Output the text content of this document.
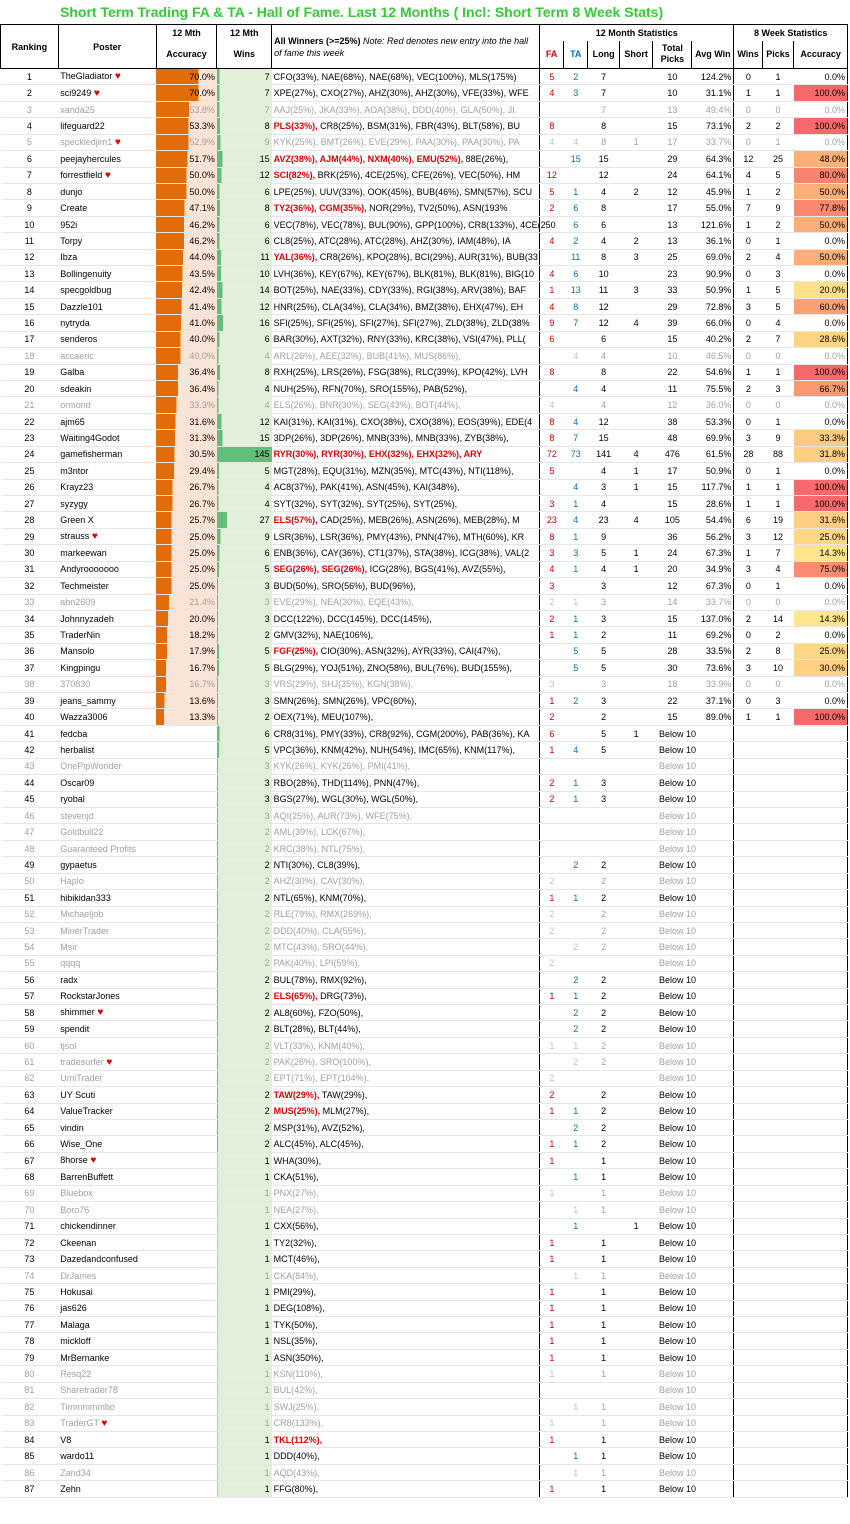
Short Term Trading FA & TA - Hall of Fame. Last 12 Months ( Incl: Short Term 8 Week Stats)
Ranking	Poster	12 Mth	12 Mth	All Winners (>=25%) Note: Red denotes new entry into the hall of fame this week	12 Month Statistics						8 Week Statistics		
		Accuracy	Wins		FA	TA	Long	Short	Total Picks	Avg Win	Wins	Picks	Accuracy
1	TheGladiator ♥	70.0%	7	CFO(33%), NAE(68%), NAE(68%), VEC(100%), MLS(175%)	5	2	7		10	124.2%	0	1	0.0%
2	sci9249 ♥	70.0%	7	XPE(27%), CXO(27%), AHZ(30%), AHZ(30%), VFE(33%), WFE	4	3	7		10	31.1%	1	1	100.0%
3	xanda25	53.8%	7	AAJ(25%), JKA(33%), AOA(38%), DDD(40%), GLA(50%), JI			7		13	49.4%	0	0	0.0%
4	lifeguard22	53.3%	8	PLS(33%), CR8(25%), BSM(31%), FBR(43%), BLT(58%), BU	8		8		15	73.1%	2	2	100.0%
5	speckledjim1 ♥	52.9%	9	KYK(25%), BMT(26%), EVE(29%), PAA(30%), PAA(30%), PA	4	4	8	1	17	33.7%	0	1	0.0%
6	peejayhercules	51.7%	15	AVZ(38%), AJM(44%), NXM(40%), EMU(52%), 88E(26%),		15	15		29	64.3%	12	25	48.0%
7	forrestfield ♥	50.0%	12	SCI(82%), BRK(25%), 4CE(25%), CFE(26%), VEC(50%), HM	12		12		24	64.1%	4	5	80.0%
8	dunjo	50.0%	6	LPE(25%), UUV(33%), OOK(45%), BUB(46%), SMN(57%), SCU	5	1	4	2	12	45.9%	1	2	50.0%
9	Create	47.1%	8	TY2(36%), CGM(35%), NOR(29%), TV2(50%), ASN(193%	2	6	8		17	55.0%	7	9	77.8%
10	952i	46.2%	6	VEC(78%), VEC(78%), BUL(90%), GPP(100%), CR8(133%), 4CE(250		6	6		13	121.6%	1	2	50.0%
11	Torpy	46.2%	6	CL8(25%), ATC(28%), ATC(28%), AHZ(30%), IAM(48%), IA	4	2	4	2	13	36.1%	0	1	0.0%
12	Ibza	44.0%	11	YAL(36%), CR8(26%), KPO(28%), BCI(29%), AUR(31%), BUB(33		11	8	3	25	69.0%	2	4	50.0%
13	Bollingenuity	43.5%	10	LVH(36%), KEY(67%), KEY(67%), BLK(81%), BLK(81%), BIG(10	4	6	10		23	90.9%	0	3	0.0%
14	specgoldbug	42.4%	14	BOT(25%), NAE(33%), CDY(33%), RGI(38%), ARV(38%), BAF	1	13	11	3	33	50.9%	1	5	20.0%
15	Dazzle101	41.4%	12	HNR(25%), CLA(34%), CLA(34%), BMZ(38%), EHX(47%), EH	4	8	12		29	72.8%	3	5	60.0%
16	nytryda	41.0%	16	SFI(25%), SFI(25%), SFI(27%), SFI(27%), ZLD(38%), ZLD(38%	9	7	12	4	39	66.0%	0	4	0.0%
17	senderos	40.0%	6	BAR(30%), AXT(32%), RNY(33%), KRC(38%), VSI(47%), PLL(	6		6		15	40.2%	2	7	28.6%
18	accaeric	40.0%	4	ARL(26%), AEE(32%), BUB(41%), MUS(86%),		4	4		10	46.5%	0	0	0.0%
19	Galba	36.4%	8	RXH(25%), LRS(26%), FSG(38%), RLC(39%), KPO(42%), LVH	8		8		22	54.6%	1	1	100.0%
20	sdeakin	36.4%	4	NUH(25%), RFN(70%), SRO(155%), PAB(52%),		4	4		11	75.5%	2	3	66.7%
21	ormond	33.3%	4	ELS(26%), BNR(30%), SEG(43%), BOT(44%),	4		4		12	36.0%	0	0	0.0%
22	ajm65	31.6%	12	KAI(31%), KAI(31%), CXO(38%), CXO(38%), EOS(39%), EDE(4	8	4	12		38	53.3%	0	1	0.0%
23	Waiting4Godot	31.3%	15	3DP(26%), 3DP(26%), MNB(33%), MNB(33%), ZYB(38%),	8	7	15		48	69.9%	3	9	33.3%
24	gamefisherman	30.5%	145	RYR(30%), RYR(30%), EHX(32%), EHX(32%), ARY	72	73	141	4	476	61.5%	28	88	31.8%
25	m3ntor	29.4%	5	MGT(28%), EQU(31%), MZN(35%), MTC(43%), NTI(118%),	5		4	1	17	50.9%	0	1	0.0%
26	Krayz23	26.7%	4	AC8(37%), PAK(41%), ASN(45%), KAI(348%),		4	3	1	15	117.7%	1	1	100.0%
27	syzygy	26.7%	4	SYT(32%), SYT(32%), SYT(25%), SYT(25%),	3	1	4		15	28.6%	1	1	100.0%
28	Green X	25.7%	27	ELS(57%), CAD(25%), MEB(26%), ASN(26%), MEB(28%), M	23	4	23	4	105	54.4%	6	19	31.6%
29	strauss ♥	25.0%	9	LSR(36%), LSR(36%), PMY(43%), PNN(47%), MTH(60%), KR	8	1	9		36	56.2%	3	12	25.0%
30	markeewan	25.0%	6	ENB(36%), CAY(36%), CT1(37%), STA(38%), ICG(38%), VAL(2	3	3	5	1	24	67.3%	1	7	14.3%
31	Andyrooooooo	25.0%	5	SEG(26%), SEG(26%), ICG(28%), BGS(41%), AVZ(55%),	4	1	4	1	20	34.9%	3	4	75.0%
32	Techmeister	25.0%	3	BUD(50%), SRO(56%), BUD(96%),	3		3		12	67.3%	0	1	0.0%
33	abn2609	21.4%	3	EVE(29%), NEA(30%), EQE(43%),	2	1	3		14	33.7%	0	0	0.0%
34	Johnnyzadeh	20.0%	3	DCC(122%), DCC(145%), DCC(145%),	2	1	3		15	137.0%	2	14	14.3%
35	TraderNin	18.2%	2	GMV(32%), NAE(106%),	1	1	2		11	69.2%	0	2	0.0%
36	Mansolo	17.9%	5	FGF(25%), CIO(30%), ASN(32%), AYR(33%), CAI(47%),		5	5		28	33.5%	2	8	25.0%
37	Kingpingu	16.7%	5	BLG(29%), YOJ(51%), ZNO(58%), BUL(76%), BUD(155%),		5	5		30	73.6%	3	10	30.0%
38	370830	16.7%	3	VRS(29%), SHJ(35%), KGN(38%),	3		3		18	33.9%	0	0	0.0%
39	jeans_sammy	13.6%	3	SMN(26%), SMN(26%), VPC(60%),	1	2	3		22	37.1%	0	3	0.0%
40	Wazza3006	13.3%	2	OEX(71%), MEU(107%),	2		2		15	89.0%	1	1	100.0%
41	fedcba		6	CR8(31%), PMY(33%), CR8(92%), CGM(200%), PAB(36%), KA	6		5	1	Below 10				
42	herbalist		5	VPC(36%), KNM(42%), NUH(54%), IMC(65%), KNM(117%),	1	4	5		Below 10				
43	OnePipWonder		3	KYK(26%), KYK(26%), PMI(41%),					Below 10				
44	Oscar09		3	RBO(28%), THD(114%), PNN(47%),	2	1	3		Below 10				
45	ryobal		3	BGS(27%), WGL(30%), WGL(50%),	2	1	3		Below 10				
46	stevenjd		3	AQI(25%), AUR(73%), WFE(75%),					Below 10				
47	Goldbull22		2	AML(39%), LCK(67%),					Below 10				
48	Guaranteed Profits		2	KRC(38%), NTL(75%),					Below 10				
49	gypaetus		2	NTI(30%), CL8(39%),		2	2		Below 10				
50	Haplo		2	AHZ(30%), CAV(30%),	2		2		Below 10				
51	hibikidan333		2	NTL(65%), KNM(70%),	1	1	2		Below 10				
52	Michaeljob		2	RLE(79%), RMX(269%),	2		2		Below 10				
53	MinerTrader		2	DDD(40%), CLA(55%),	2		2		Below 10				
54	Msir		2	MTC(43%), SRO(44%),		2	2		Below 10				
55	qqqq		2	PAK(40%), LPI(59%),	2				Below 10				
56	radx		2	BUL(78%), RMX(92%),		2	2		Below 10				
57	RockstarJones		2	ELS(65%), DRG(73%),	1	1	2		Below 10				
58	shimmer ♥		2	AL8(60%), FZO(50%),		2	2		Below 10				
59	spendit		2	BLT(28%), BLT(44%),		2	2		Below 10				
60	tjsol		2	VLT(33%), KNM(40%),	1	1	2		Below 10				
61	tradesurfer ♥		2	PAK(26%), SRO(100%),		2	2		Below 10				
62	UmiTrader		2	EPT(71%), EPT(104%),	2				Below 10				
63	UY Scuti		2	TAW(29%), TAW(29%),	2		2		Below 10				
64	ValueTracker		2	MUS(25%), MLM(27%),	1	1	2		Below 10				
65	vindin		2	MSP(31%), AVZ(52%),		2	2		Below 10				
66	Wise_One		2	ALC(45%), ALC(45%),	1	1	2		Below 10				
67	8horse ♥		1	WHA(30%),	1		1		Below 10				
68	BarrenBuffett		1	CKA(51%),		1	1		Below 10				
69	Bluebox		1	PNX(27%),	1		1		Below 10				
70	Boro76		1	NEA(27%),		1	1		Below 10				
71	chickendinner		1	CXX(56%),		1		1	Below 10				
72	Ckeenan		1	TY2(32%),	1		1		Below 10				
73	Dazedandconfused		1	MCT(46%),	1		1		Below 10				
74	DrJames		1	CKA(84%),		1	1		Below 10				
75	Hokusai		1	PMI(29%),	1		1		Below 10				
76	jas626		1	DEG(108%),	1		1		Below 10				
77	Malaga		1	TYK(50%),	1		1		Below 10				
78	mickloff		1	NSL(35%),	1		1		Below 10				
79	MrBernanke		1	ASN(350%),	1		1		Below 10				
80	Resq22		1	KSN(110%),	1		1		Below 10				
81	Sharetrader78		1	BUL(42%),					Below 10				
82	Timmmmmbo		1	SWJ(25%),		1	1		Below 10				
83	TraderGT ♥		1	CR8(133%),	1		1		Below 10				
84	V8		1	TKL(112%),	1		1		Below 10				
85	wardo11		1	DDD(40%),		1	1		Below 10				
86	Zand34		1	AQD(43%),		1	1		Below 10				
87	Zehn		1	FFG(80%),	1		1		Below 10				
